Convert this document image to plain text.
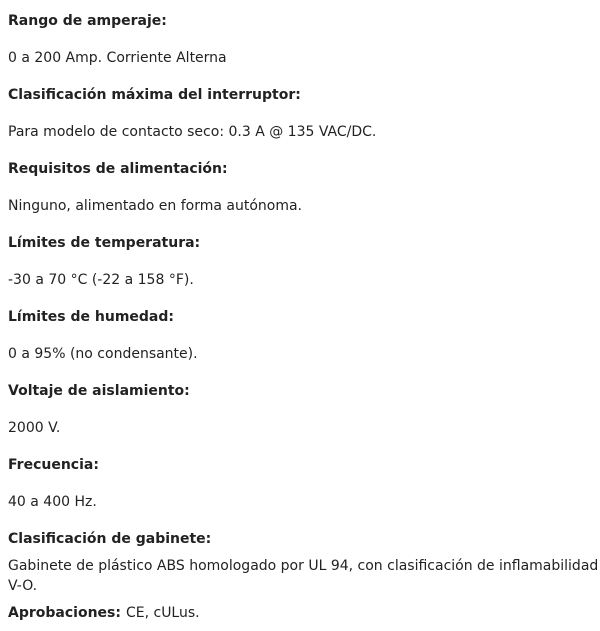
Rango de amperaje:

0 a 200 Amp. Corriente Alterna

Clasificación máxima del interruptor:

Para modelo de contacto seco: 0.3 A @ 135 VAC/DC.

Requisitos de alimentación:

Ninguno, alimentado en forma autónoma.

Límites de temperatura:

-30 a 70 °C (-22 a 158 °F).

Límites de humedad:

0 a 95% (no condensante).

Voltaje de aislamiento:

2000 V.

Frecuencia:

40 a 400 Hz.

Clasificación de gabinete:

Gabinete de plástico ABS homologado por UL 94, con clasificación de inflamabilidad V-O.

Aprobaciones: CE, cULus.
